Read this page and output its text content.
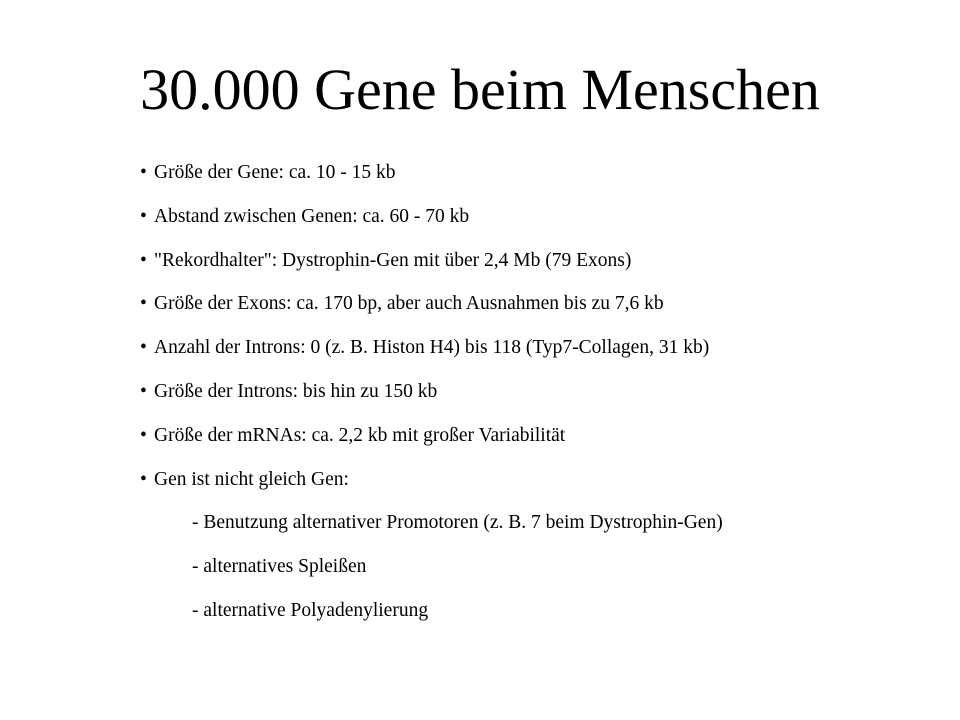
30.000 Gene beim Menschen
• Größe der Gene: ca. 10 - 15 kb
• Abstand zwischen Genen: ca. 60 - 70 kb
• "Rekordhalter": Dystrophin-Gen mit über 2,4 Mb (79 Exons)
• Größe der Exons: ca. 170 bp, aber auch Ausnahmen bis zu 7,6 kb
• Anzahl der Introns: 0 (z. B. Histon H4) bis 118 (Typ7-Collagen, 31 kb)
• Größe der Introns: bis hin zu 150 kb
• Größe der mRNAs: ca. 2,2 kb mit großer Variabilität
• Gen ist nicht gleich Gen:
- Benutzung alternativer Promotoren (z. B. 7 beim Dystrophin-Gen)
- alternatives Spleißen
- alternative Polyadenylierung
